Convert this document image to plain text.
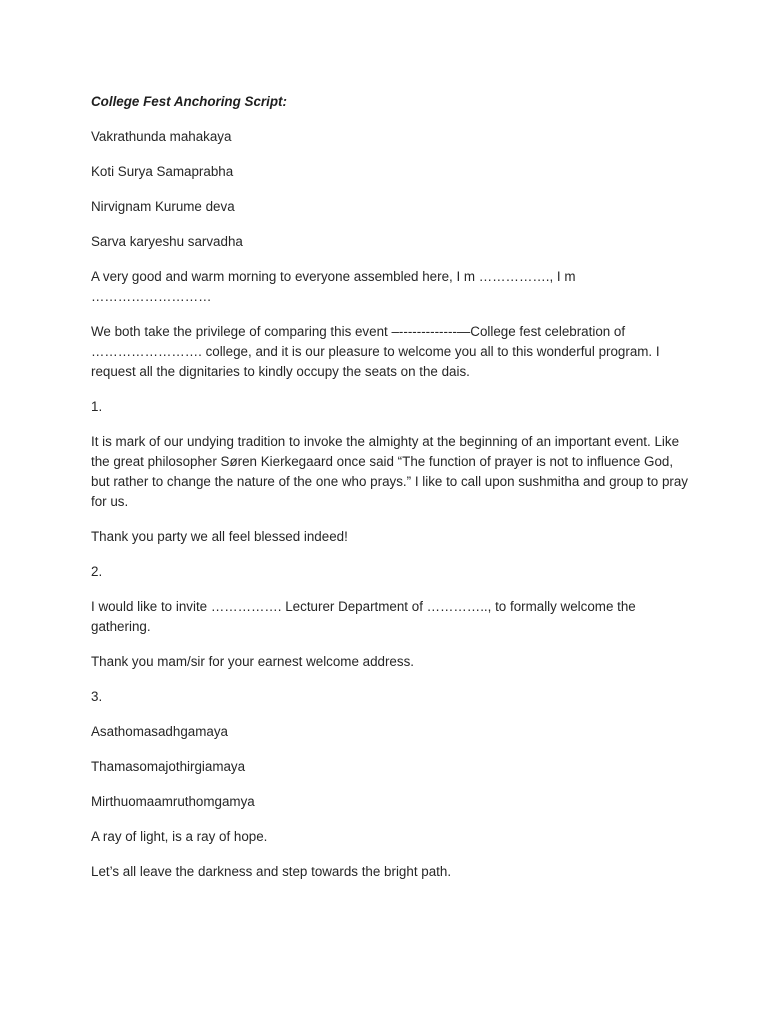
College Fest Anchoring Script:

Vakrathunda mahakaya

Koti Surya Samaprabha

Nirvignam Kurume deva

Sarva karyeshu sarvadha

A very good and warm morning to everyone assembled here, I m ……………., I m ………………………

We both take the privilege of comparing this event –-------------—College fest celebration of ……………………. college, and it is our pleasure to welcome you all to this wonderful program. I request all the dignitaries to kindly occupy the seats on the dais.

1.

It is mark of our undying tradition to invoke the almighty at the beginning of an important event. Like the great philosopher Søren Kierkegaard once said “The function of prayer is not to influence God, but rather to change the nature of the one who prays.” I like to call upon sushmitha and group to pray for us.

Thank you party we all feel blessed indeed!

2.

I would like to invite ……………. Lecturer Department of ………….., to formally welcome the gathering.

Thank you mam/sir for your earnest welcome address.

3.

Asathomasadhgamaya

Thamasomajothirgiamaya

Mirthuomaamruthomgamya

A ray of light, is a ray of hope.

Let’s all leave the darkness and step towards the bright path.
